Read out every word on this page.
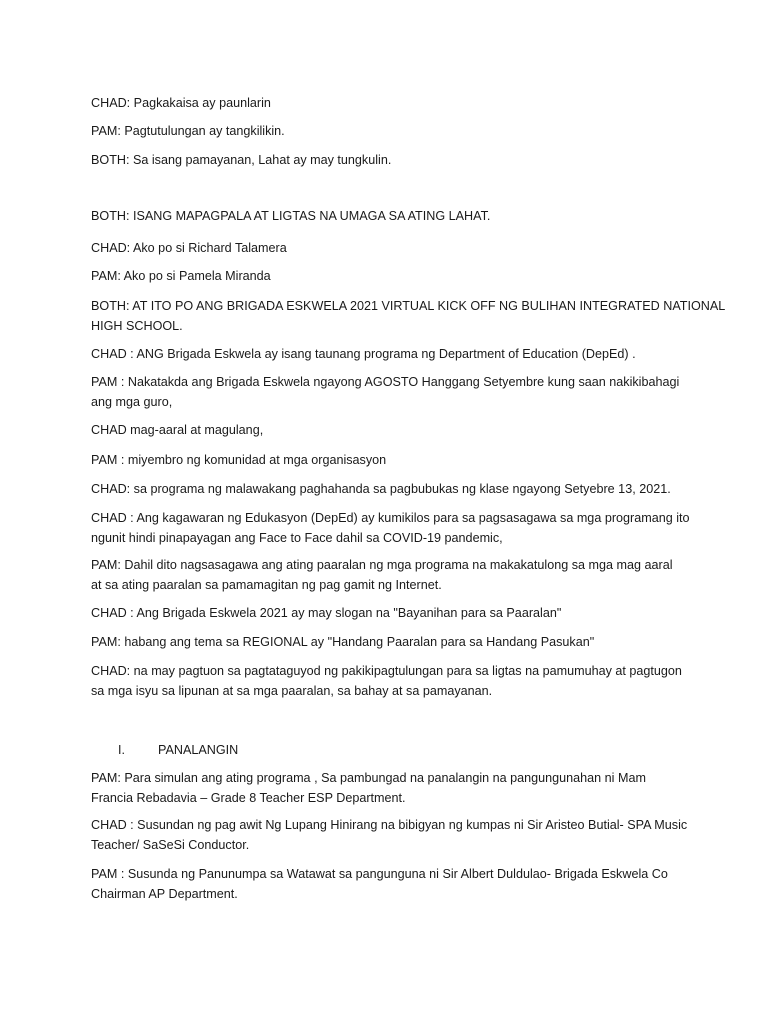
CHAD: Pagkakaisa ay paunlarin

PAM: Pagtutulungan ay tangkilikin.

BOTH: Sa isang pamayanan, Lahat ay may tungkulin.

BOTH: ISANG MAPAGPALA AT LIGTAS NA UMAGA SA ATING LAHAT.

CHAD: Ako po si Richard Talamera

PAM: Ako po si Pamela Miranda

BOTH: AT ITO PO ANG BRIGADA ESKWELA 2021 VIRTUAL KICK OFF NG BULIHAN INTEGRATED NATIONAL
HIGH SCHOOL.

CHAD : ANG Brigada Eskwela ay isang taunang programa ng Department of Education (DepEd) .

PAM : Nakatakda ang Brigada Eskwela ngayong AGOSTO Hanggang Setyembre kung saan nakikibahagi
ang mga guro,

CHAD mag-aaral at magulang,

PAM : miyembro ng komunidad at mga organisasyon

CHAD: sa programa ng malawakang paghahanda sa pagbubukas ng klase ngayong Setyebre 13, 2021.

CHAD : Ang kagawaran ng Edukasyon (DepEd) ay kumikilos para sa pagsasagawa sa mga programang ito
ngunit hindi pinapayagan ang Face to Face dahil sa COVID-19 pandemic,

PAM: Dahil dito nagsasagawa ang ating paaralan ng mga programa na makakatulong sa mga mag aaral
at sa ating paaralan sa pamamagitan ng pag gamit ng Internet.

CHAD : Ang Brigada Eskwela 2021 ay may slogan na "Bayanihan para sa Paaralan"

PAM: habang ang tema sa REGIONAL ay "Handang Paaralan para sa Handang Pasukan"

CHAD: na may pagtuon sa pagtataguyod ng pakikipagtulungan para sa ligtas na pamumuhay at pagtugon
sa mga isyu sa lipunan at sa mga paaralan, sa bahay at sa pamayanan.

I.	PANALANGIN

PAM: Para simulan ang ating programa , Sa pambungad na panalangin na pangungunahan ni Mam
Francia Rebadavia – Grade 8 Teacher ESP Department.

CHAD : Susundan ng pag awit Ng Lupang Hinirang na bibigyan ng kumpas ni Sir Aristeo Butial- SPA Music
Teacher/ SaSeSi Conductor.

PAM : Susunda ng Panunumpa sa Watawat sa pangunguna ni Sir Albert Duldulao- Brigada Eskwela Co
Chairman AP Department.
